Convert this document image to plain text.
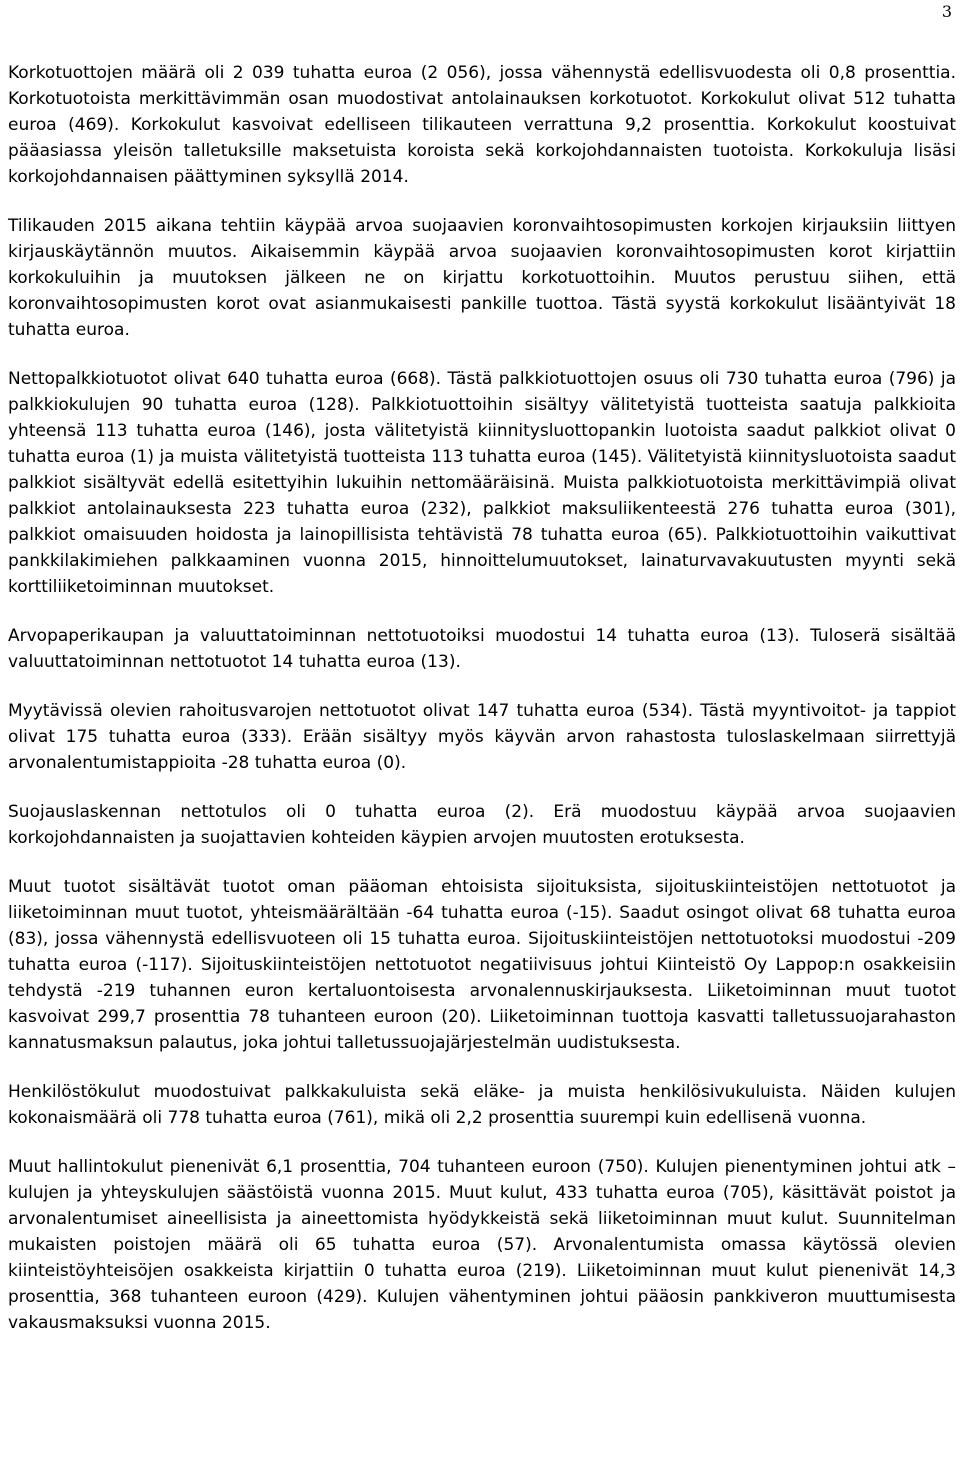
3

Korkotuottojen määrä oli 2 039 tuhatta euroa (2 056), jossa vähennystä edellisvuodesta oli 0,8 prosenttia. Korkotuotoista merkittävimmän osan muodostivat antolainauksen korkotuotot. Korkokulut olivat 512 tuhatta euroa (469). Korkokulut kasvoivat edelliseen tilikauteen verrattuna 9,2 prosenttia. Korkokulut koostuivat pääasiassa yleisön talletuksille maksetuista koroista sekä korkojohdannaisten tuotoista. Korkokuluja lisäsi korkojohdannaisen päättyminen syksyllä 2014.

Tilikauden 2015 aikana tehtiin käypää arvoa suojaavien koronvaihtosopimusten korkojen kirjauksiin liittyen kirjauskäytännön muutos. Aikaisemmin käypää arvoa suojaavien koronvaihtosopimusten korot kirjattiin korkokuluihin ja muutoksen jälkeen ne on kirjattu korkotuottoihin. Muutos perustuu siihen, että koronvaihtosopimusten korot ovat asianmukaisesti pankille tuottoa. Tästä syystä korkokulut lisääntyivät 18 tuhatta euroa.

Nettopalkkiotuotot olivat 640 tuhatta euroa (668). Tästä palkkiotuottojen osuus oli 730 tuhatta euroa (796) ja palkkiokulujen 90 tuhatta euroa (128). Palkkiotuottoihin sisältyy välitetyistä tuotteista saatuja palkkioita yhteensä 113 tuhatta euroa (146), josta välitetyistä kiinnitysluottopankin luotoista saadut palkkiot olivat 0 tuhatta euroa (1) ja muista välitetyistä tuotteista 113 tuhatta euroa (145). Välitetyistä kiinnitysluotoista saadut palkkiot sisältyvät edellä esitettyihin lukuihin nettomääräisinä. Muista palkkiotuotoista merkittävimpiä olivat palkkiot antolainauksesta 223 tuhatta euroa (232), palkkiot maksuliikenteestä 276 tuhatta euroa (301), palkkiot omaisuuden hoidosta ja lainopillisista tehtävistä 78 tuhatta euroa (65). Palkkiotuottoihin vaikuttivat pankkilakimiehen palkkaaminen vuonna 2015, hinnoittelumuutokset, lainaturvavakuutusten myynti sekä korttiliiketoiminnan muutokset.

Arvopaperikaupan ja valuuttatoiminnan nettotuotoiksi muodostui 14 tuhatta euroa (13). Tuloserä sisältää valuuttatoiminnan nettotuotot 14 tuhatta euroa (13).

Myytävissä olevien rahoitusvarojen nettotuotot olivat 147 tuhatta euroa (534). Tästä myyntivoitot- ja tappiot olivat 175 tuhatta euroa (333). Erään sisältyy myös käyvän arvon rahastosta tuloslaskelmaan siirrettyjä arvonalentumistappioita -28 tuhatta euroa (0).

Suojauslaskennan nettotulos oli 0 tuhatta euroa (2). Erä muodostuu käypää arvoa suojaavien korkojohdannaisten ja suojattavien kohteiden käypien arvojen muutosten erotuksesta.

Muut tuotot sisältävät tuotot oman pääoman ehtoisista sijoituksista, sijoituskiinteistöjen nettotuotot ja liiketoiminnan muut tuotot, yhteismäärältään -64 tuhatta euroa (-15). Saadut osingot olivat 68 tuhatta euroa (83), jossa vähennystä edellisvuoteen oli 15 tuhatta euroa. Sijoituskiinteistöjen nettotuotoksi muodostui -209 tuhatta euroa (-117). Sijoituskiinteistöjen nettotuotot negatiivisuus johtui Kiinteistö Oy Lappop:n osakkeisiin tehdystä -219 tuhannen euron kertaluontoisesta arvonalennuskirjauksesta. Liiketoiminnan muut tuotot kasvoivat 299,7 prosenttia 78 tuhanteen euroon (20). Liiketoiminnan tuottoja kasvatti talletussuojarahaston kannatusmaksun palautus, joka johtui talletussuojajärjestelmän uudistuksesta.

Henkilöstökulut muodostuivat palkkakuluista sekä eläke- ja muista henkilösivukuluista. Näiden kulujen kokonaismäärä oli 778 tuhatta euroa (761), mikä oli 2,2 prosenttia suurempi kuin edellisenä vuonna.

Muut hallintokulut pienenivät 6,1 prosenttia, 704 tuhanteen euroon (750). Kulujen pienentyminen johtui atk –kulujen ja yhteyskulujen säästöistä vuonna 2015. Muut kulut, 433 tuhatta euroa (705), käsittävät poistot ja arvonalentumiset aineellisista ja aineettomista hyödykkeistä sekä liiketoiminnan muut kulut. Suunnitelman mukaisten poistojen määrä oli 65 tuhatta euroa (57). Arvonalentumista omassa käytössä olevien kiinteistöyhteisöjen osakkeista kirjattiin 0 tuhatta euroa (219). Liiketoiminnan muut kulut pienenivät 14,3 prosenttia, 368 tuhanteen euroon (429). Kulujen vähentyminen johtui pääosin pankkiveron muuttumisesta vakausmaksuksi vuonna 2015.
